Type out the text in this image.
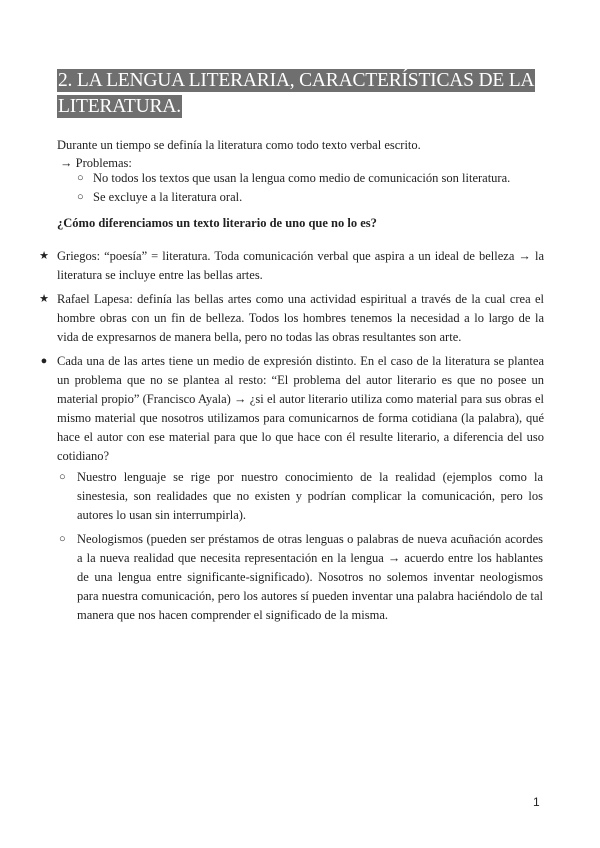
2. LA LENGUA LITERARIA, CARACTERÍSTICAS DE LA LITERATURA.
Durante un tiempo se definía la literatura como todo texto verbal escrito.
→ Problemas:
○ No todos los textos que usan la lengua como medio de comunicación son literatura.
○ Se excluye a la literatura oral.
¿Cómo diferenciamos un texto literario de uno que no lo es?
★ Griegos: “poesía” = literatura. Toda comunicación verbal que aspira a un ideal de belleza → la literatura se incluye entre las bellas artes.
★ Rafael Lapesa: definía las bellas artes como una actividad espiritual a través de la cual crea el hombre obras con un fin de belleza. Todos los hombres tenemos la necesidad a lo largo de la vida de expresarnos de manera bella, pero no todas las obras resultantes son arte.
● Cada una de las artes tiene un medio de expresión distinto. En el caso de la literatura se plantea un problema que no se plantea al resto: “El problema del autor literario es que no posee un material propio” (Francisco Ayala) → ¿si el autor literario utiliza como material para sus obras el mismo material que nosotros utilizamos para comunicarnos de forma cotidiana (la palabra), qué hace el autor con ese material para que lo que hace con él resulte literario, a diferencia del uso cotidiano?
○ Nuestro lenguaje se rige por nuestro conocimiento de la realidad (ejemplos como la sinestesia, son realidades que no existen y podrían complicar la comunicación, pero los autores lo usan sin interrumpirla).
○ Neologismos (pueden ser préstamos de otras lenguas o palabras de nueva acuñación acordes a la nueva realidad que necesita representación en la lengua → acuerdo entre los hablantes de una lengua entre significante-significado). Nosotros no solemos inventar neologismos para nuestra comunicación, pero los autores sí pueden inventar una palabra haciéndolo de tal manera que nos hacen comprender el significado de la misma.
1
